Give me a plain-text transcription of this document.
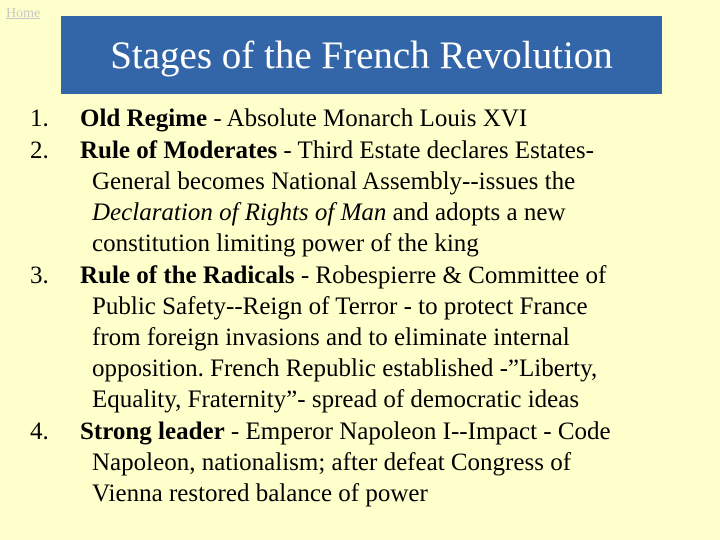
Home
Stages of the French Revolution
1. Old Regime - Absolute Monarch Louis XVI
2. Rule of Moderates - Third Estate declares Estates-
General becomes National Assembly--issues the
Declaration of Rights of Man and adopts a new
constitution limiting power of the king
3. Rule of the Radicals - Robespierre & Committee of
Public Safety--Reign of Terror - to protect France
from foreign invasions and to eliminate internal
opposition. French Republic established -”Liberty,
Equality, Fraternity”- spread of democratic ideas
4. Strong leader - Emperor Napoleon I--Impact - Code
Napoleon, nationalism; after defeat Congress of
Vienna restored balance of power
